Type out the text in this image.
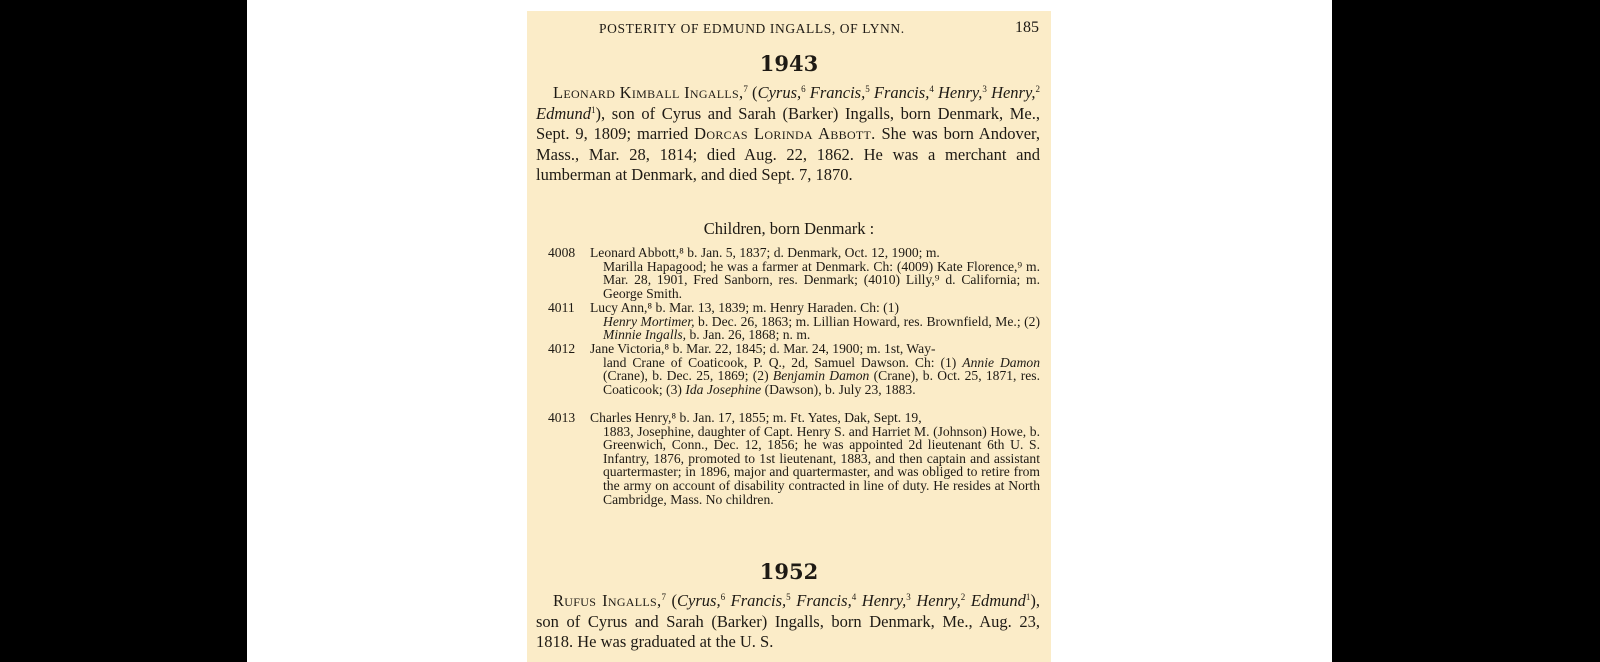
POSTERITY OF EDMUND INGALLS, OF LYNN.	185
1943

Leonard Kimball Ingalls,$^7$ (Cyrus,$^6$ Francis,$^5$ Francis,$^4$ Henry,$^3$ Henry,$^2$ Edmund$^1$), son of Cyrus and Sarah (Barker) Ingalls, born Denmark, Me., Sept. 9, 1809; married Dorcas Lorinda Abbott. She was born Andover, Mass., Mar. 28, 1814; died Aug. 22, 1862. He was a merchant and lumberman at Denmark, and died Sept. 7, 1870.

Children, born Denmark :
4008	Leonard Abbott,⁸ b. Jan. 5, 1837; d. Denmark, Oct. 12, 1900; m.
Marilla Hapagood; he was a farmer at Denmark. Ch: (4009) Kate Florence,⁹ m. Mar. 28, 1901, Fred Sanborn, res. Denmark; (4010) Lilly,⁹ d. California; m. George Smith.
4011	Lucy Ann,⁸ b. Mar. 13, 1839; m. Henry Haraden. Ch: (1)
Henry Mortimer, b. Dec. 26, 1863; m. Lillian Howard, res. Brownfield, Me.; (2) Minnie Ingalls, b. Jan. 26, 1868; n. m.
4012	Jane Victoria,⁸ b. Mar. 22, 1845; d. Mar. 24, 1900; m. 1st, Way-
land Crane of Coaticook, P. Q., 2d, Samuel Dawson. Ch: (1) Annie Damon (Crane), b. Dec. 25, 1869; (2) Benjamin Damon (Crane), b. Oct. 25, 1871, res. Coaticook; (3) Ida Josephine (Dawson), b. July 23, 1883.
4013	Charles Henry,⁸ b. Jan. 17, 1855; m. Ft. Yates, Dak, Sept. 19,
1883, Josephine, daughter of Capt. Henry S. and Harriet M. (Johnson) Howe, b. Greenwich, Conn., Dec. 12, 1856; he was appointed 2d lieutenant 6th U. S. Infantry, 1876, promoted to 1st lieutenant, 1883, and then captain and assistant quartermaster; in 1896, major and quartermaster, and was obliged to retire from the army on account of disability contracted in line of duty. He resides at North Cambridge, Mass. No children.
1952

Rufus Ingalls,$^7$ (Cyrus,$^6$ Francis,$^5$ Francis,$^4$ Henry,$^3$ Henry,$^2$ Edmund$^1$), son of Cyrus and Sarah (Barker) Ingalls, born Denmark, Me., Aug. 23, 1818. He was graduated at the U. S.
